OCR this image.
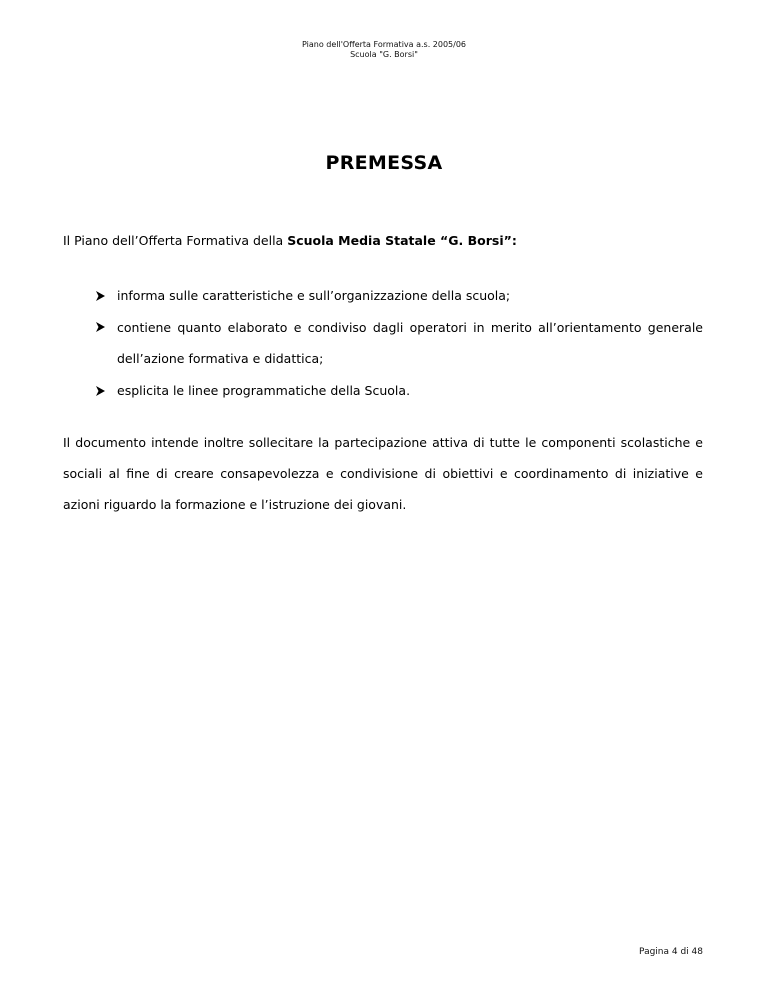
Piano dell'Offerta Formativa a.s. 2005/06
Scuola "G. Borsi"
PREMESSA
Il Piano dell’Offerta Formativa della Scuola Media Statale “G. Borsi”:
informa sulle caratteristiche e sull’organizzazione della scuola;
contiene quanto elaborato e condiviso dagli operatori in merito all’orientamento generale dell’azione formativa e didattica;
esplicita le linee programmatiche della Scuola.
Il documento intende inoltre sollecitare la partecipazione attiva di tutte le componenti scolastiche e sociali al fine di creare consapevolezza e condivisione di obiettivi e coordinamento di iniziative e azioni riguardo la formazione e l’istruzione dei giovani.
Pagina 4 di 48
